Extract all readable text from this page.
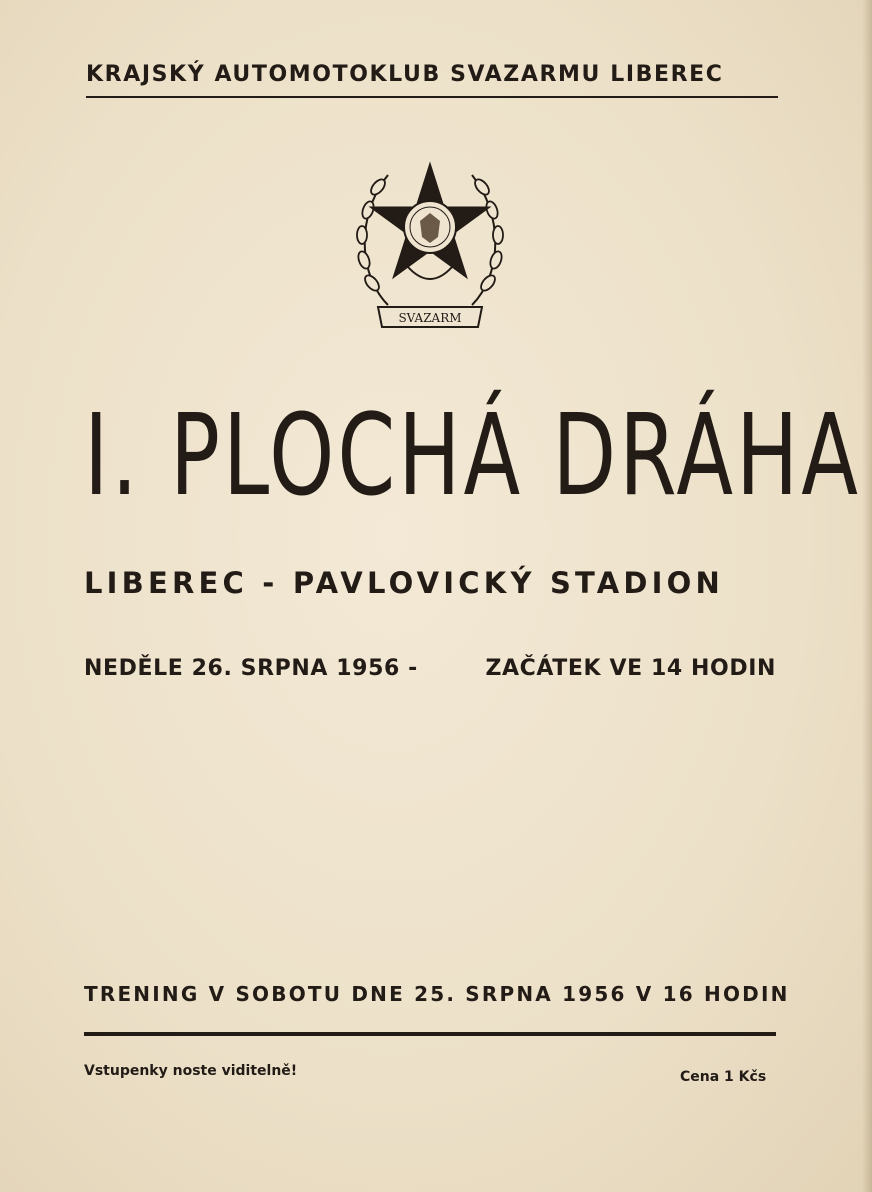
KRAJSKÝ AUTOMOTOKLUB SVAZARMU LIBEREC
SVAZARM
I. PLOCHÁ DRÁHA
LIBEREC - PAVLOVICKÝ STADION
NEDĚLE 26. SRPNA 1956 -	ZAČÁTEK VE 14 HODIN
TRENING V SOBOTU DNE 25. SRPNA 1956 V 16 HODIN
Vstupenky noste viditelně!	Cena 1 Kčs
